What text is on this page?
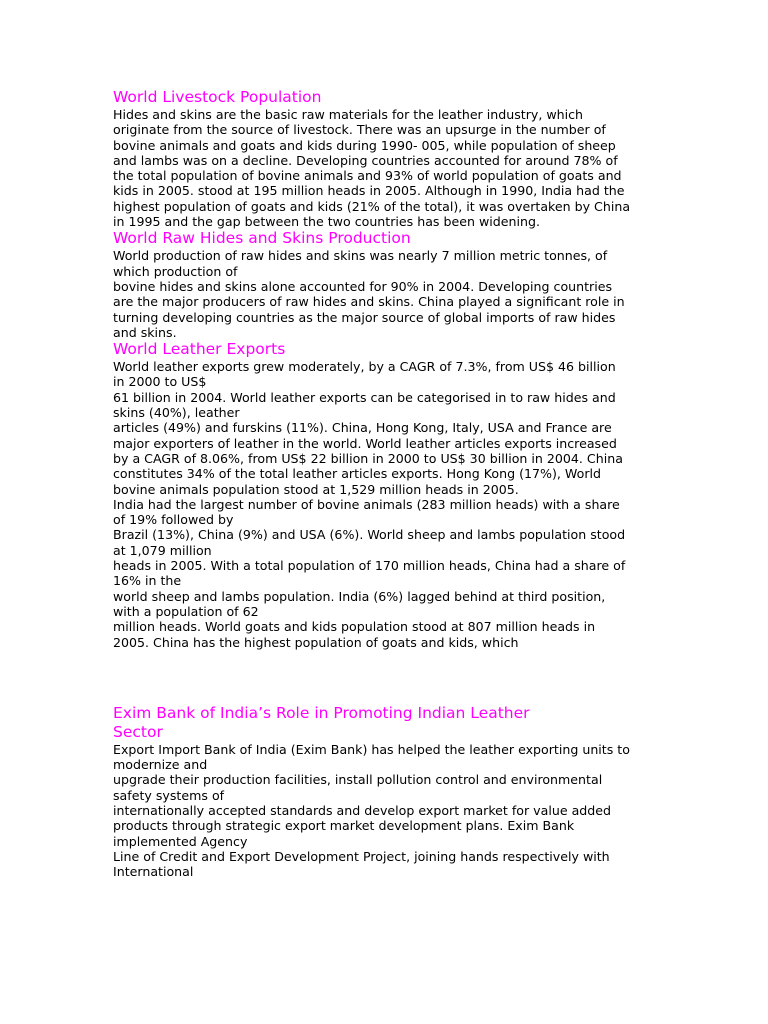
World Livestock Population

Hides and skins are the basic raw materials for the leather industry, which
originate from the source of livestock. There was an upsurge in the number of
bovine animals and goats and kids during 1990- 005, while population of sheep
and lambs was on a decline. Developing countries accounted for around 78% of
the total population of bovine animals and 93% of world population of goats and
kids in 2005. stood at 195 million heads in 2005. Although in 1990, India had the
highest population of goats and kids (21% of the total), it was overtaken by China
in 1995 and the gap between the two countries has been widening.

World Raw Hides and Skins Production

World production of raw hides and skins was nearly 7 million metric tonnes, of
which production of
bovine hides and skins alone accounted for 90% in 2004. Developing countries
are the major producers of raw hides and skins. China played a significant role in
turning developing countries as the major source of global imports of raw hides
and skins.

World Leather Exports

World leather exports grew moderately, by a CAGR of 7.3%, from US$ 46 billion
in 2000 to US$
61 billion in 2004. World leather exports can be categorised in to raw hides and
skins (40%), leather
articles (49%) and furskins (11%). China, Hong Kong, Italy, USA and France are
major exporters of leather in the world. World leather articles exports increased
by a CAGR of 8.06%, from US$ 22 billion in 2000 to US$ 30 billion in 2004. China
constitutes 34% of the total leather articles exports. Hong Kong (17%), World
bovine animals population stood at 1,529 million heads in 2005.
India had the largest number of bovine animals (283 million heads) with a share
of 19% followed by
Brazil (13%), China (9%) and USA (6%). World sheep and lambs population stood
at 1,079 million
heads in 2005. With a total population of 170 million heads, China had a share of
16% in the
world sheep and lambs population. India (6%) lagged behind at third position,
with a population of 62
million heads. World goats and kids population stood at 807 million heads in
2005. China has the highest population of goats and kids, which

Exim Bank of India’s Role in Promoting Indian Leather
Sector

Export Import Bank of India (Exim Bank) has helped the leather exporting units to
modernize and
upgrade their production facilities, install pollution control and environmental
safety systems of
internationally accepted standards and develop export market for value added
products through strategic export market development plans. Exim Bank
implemented Agency
Line of Credit and Export Development Project, joining hands respectively with
International
